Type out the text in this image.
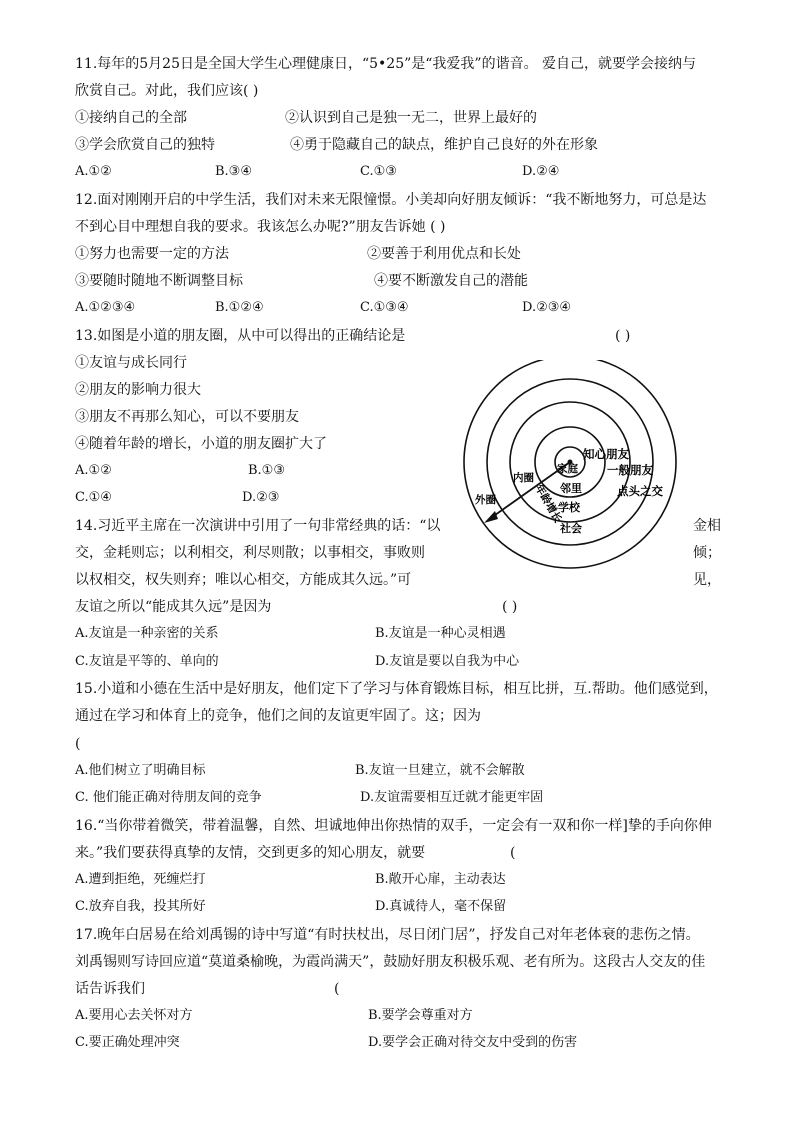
11.每年的5月25日是全国大学生心理健康日，“5•25”是“我爱我”的谐音。 爱自己，就要学会接纳与
欣赏自己。对此，我们应该( )
①接纳自己的全部	②认识到自己是独一无二，世界上最好的
③学会欣赏自己的独特	④勇于隐藏自己的缺点，维护自己良好的外在形象
A.①②	B.③④	C.①③	D.②④
12.面对刚刚开启的中学生活，我们对未来无限憧憬。小美却向好朋友倾诉：“我不断地努力，可总是达
不到心目中理想自我的要求。我该怎么办呢?”朋友告诉她 ( )
①努力也需要一定的方法	②要善于利用优点和长处
③要随时随地不断调整目标	④要不断激发自己的潜能
A.①②③④	B.①②④	C.①③④	D.②③④
13.如图是小道的朋友圈，从中可以得出的正确结论是	( )
①友谊与成长同行
②朋友的影响力很大
③朋友不再那么知心，可以不要朋友
④随着年龄的增长，小道的朋友圈扩大了
A.①②	B.①③
C.①④	D.②③
知心朋友
家庭	一般朋友
邻里	点头之交
内圈
学校
社会
外圈	年龄增长
14.习近平主席在一次演讲中引用了一句非常经典的话：“以	金相
交，金耗则忘；以利相交，利尽则散；以事相交，事败则	倾；
以权相交，权失则弃；唯以心相交，方能成其久远。”可	见，
友谊之所以“能成其久远”是因为	( )
A.友谊是一种亲密的关系	B.友谊是一种心灵相遇
C.友谊是平等的、单向的	D.友谊是要以自我为中心
15.小道和小德在生活中是好朋友，他们定下了学习与体育锻炼目标，相互比拼，互.帮助。他们感觉到，
通过在学习和体育上的竞争，他们之间的友谊更牢固了。这；因为
(
A.他们树立了明确目标	B.友谊一旦建立，就不会解散
C. 他们能正确对待朋友间的竞争	D.友谊需要相互迁就才能更牢固
16.“当你带着微笑，带着温馨，自然、坦诚地伸出你热情的双手，一定会有一双和你一样]挚的手向你伸
来。”我们要获得真挚的友情，交到更多的知心朋友，就要	(
A.遭到拒绝，死缠烂打	B.敞开心扉，主动表达
C.放弃自我，投其所好	D.真诚待人，毫不保留
17.晚年白居易在给刘禹锡的诗中写道“有时扶杖出，尽日闭门居”，抒发自己对年老体衰的悲伤之情。
刘禹锡则写诗回应道“莫道桑榆晚，为霞尚满天”，鼓励好朋友积极乐观、老有所为。这段古人交友的佳
话告诉我们	(
A.要用心去关怀对方	B.要学会尊重对方
C.要正确处理冲突	D.要学会正确对待交友中受到的伤害
